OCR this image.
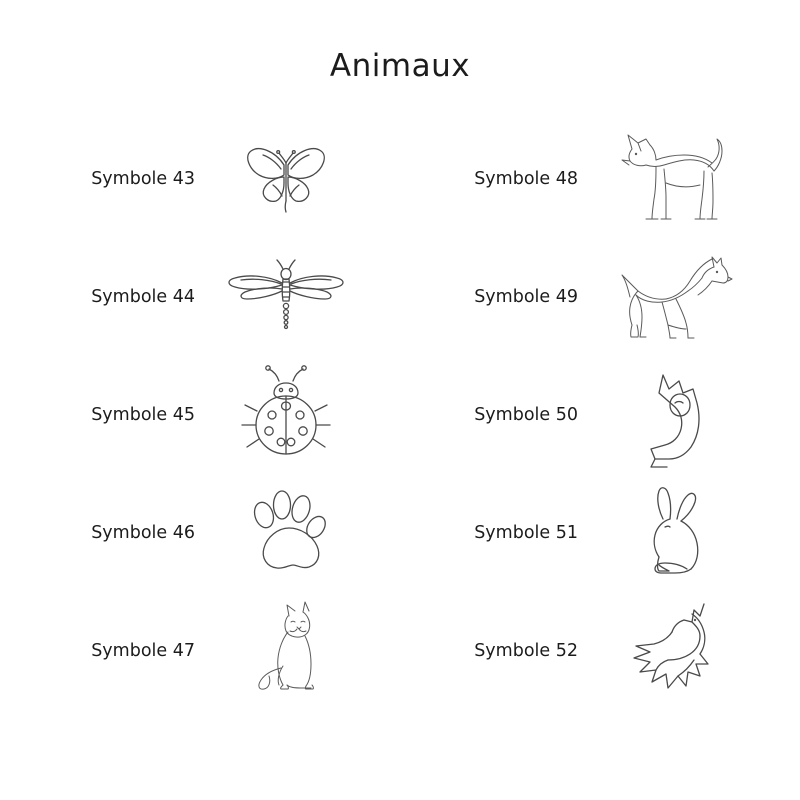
Animaux
Symbole 43
Symbole 44
Symbole 45
Symbole 46
Symbole 47
Symbole 48
Symbole 49
Symbole 50
Symbole 51
Symbole 52
